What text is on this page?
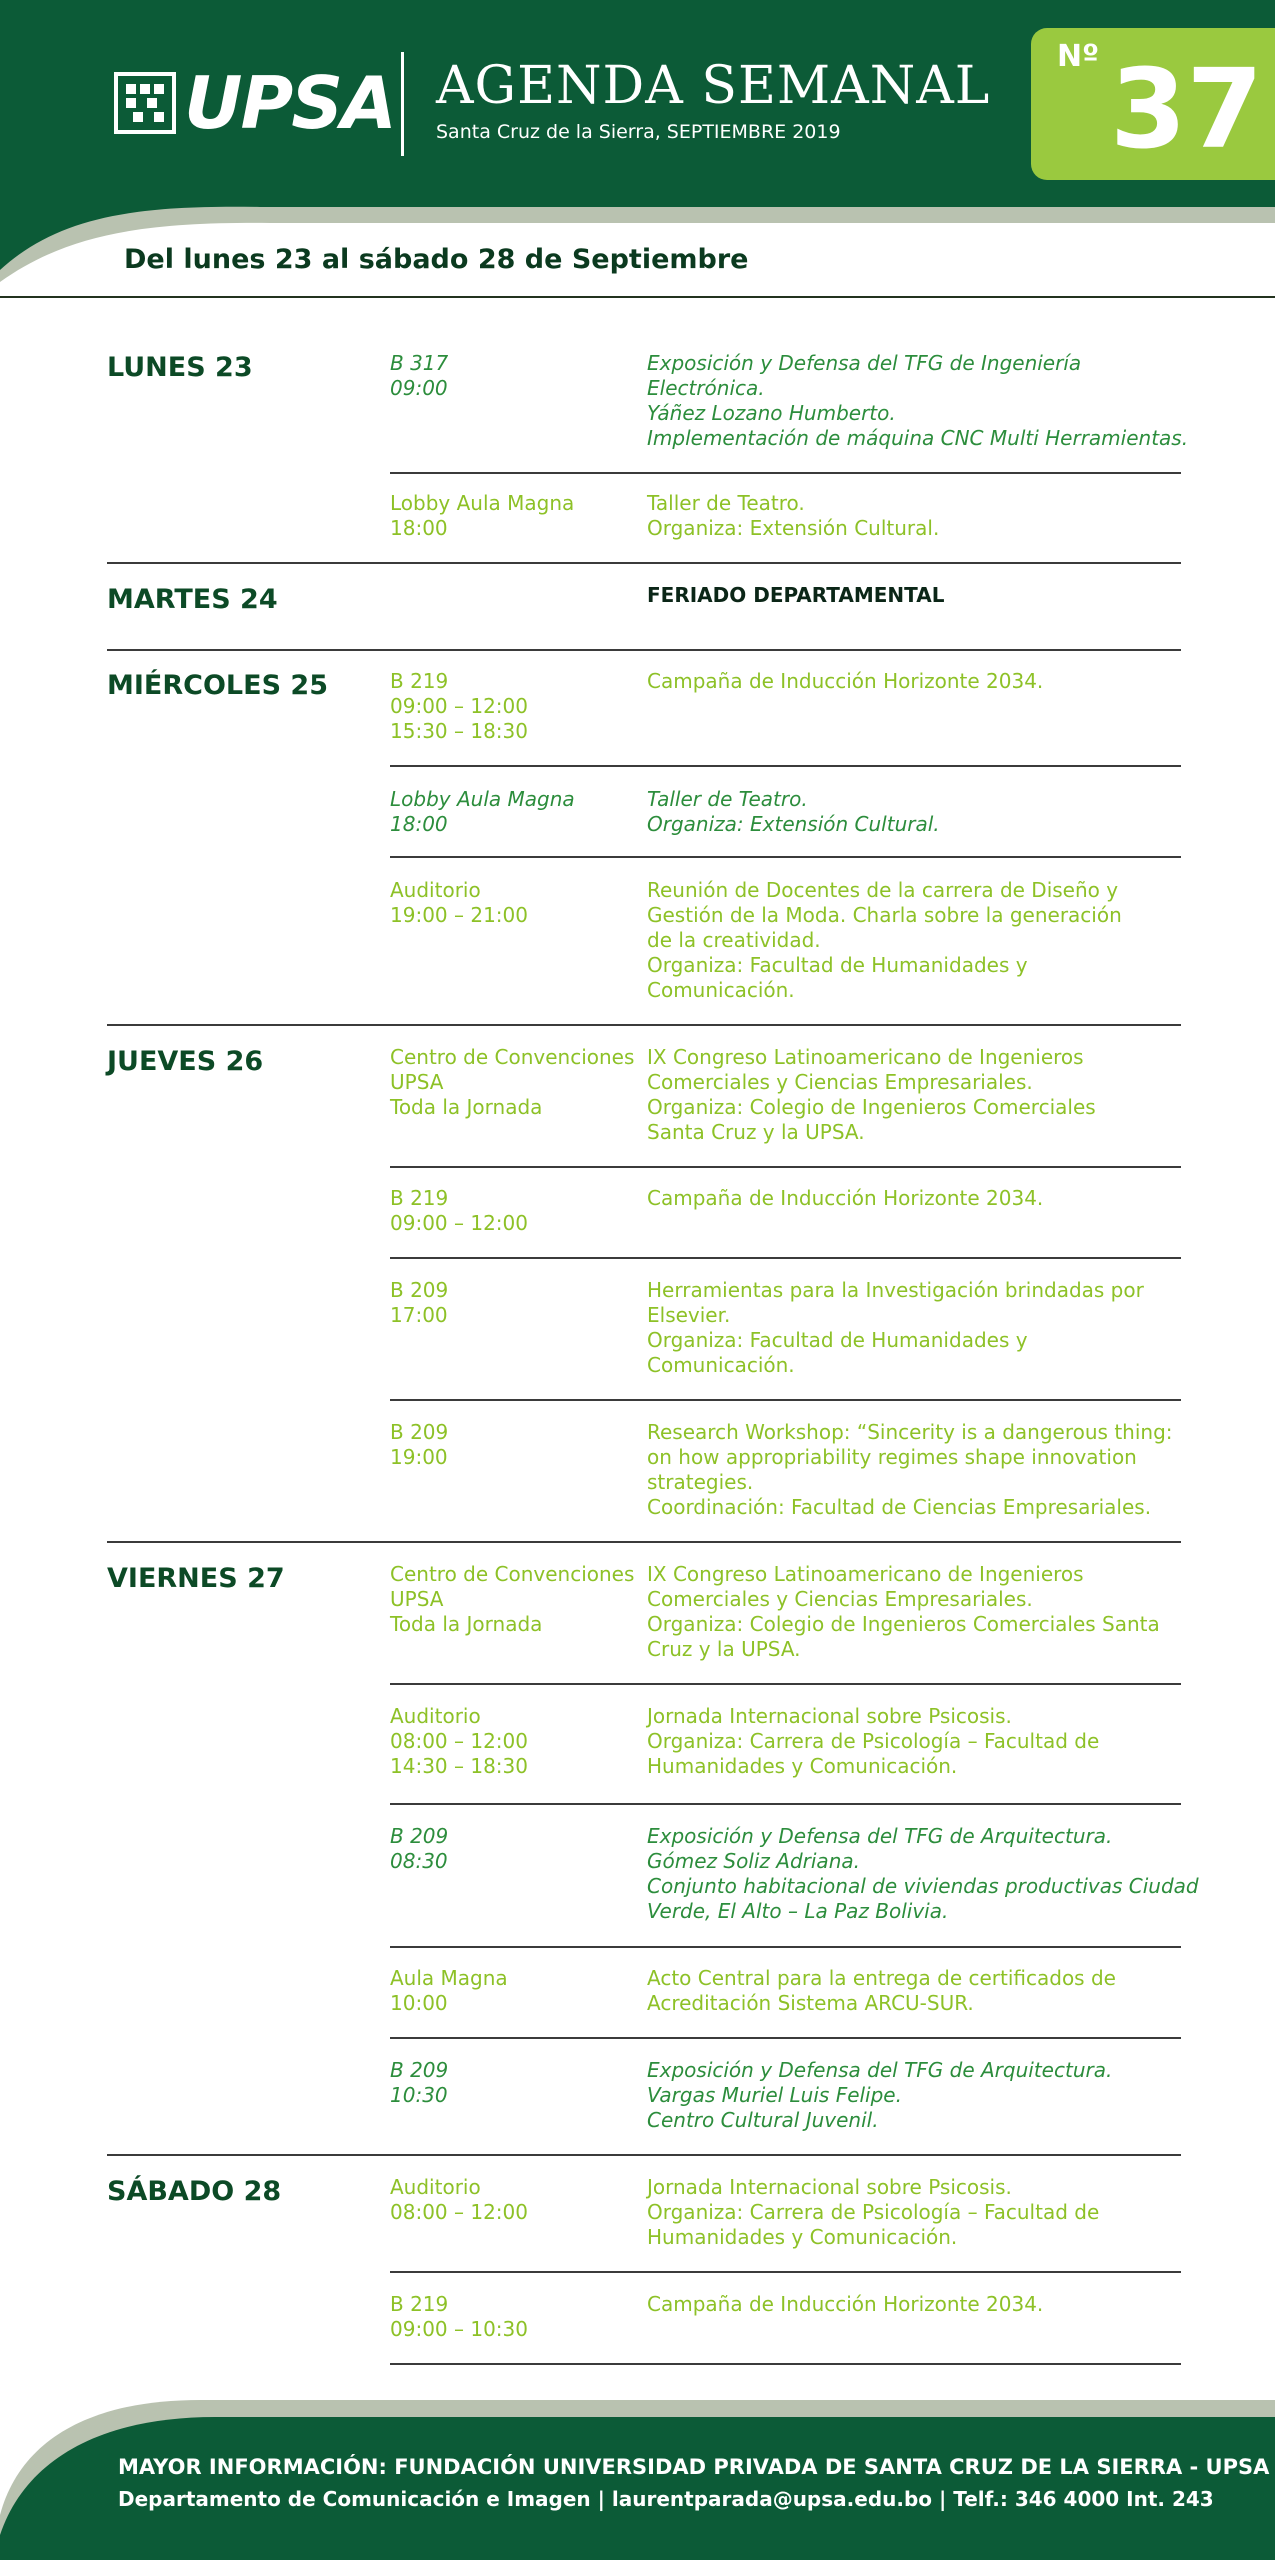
UPSA AGENDA SEMANAL
Santa Cruz de la Sierra, SEPTIEMBRE 2019
Nº 37
Del lunes 23 al sábado 28 de Septiembre
LUNES 23
MARTES 24
MIÉRCOLES 25
JUEVES 26
VIERNES 27
SÁBADO 28
B 317
09:00
Exposición y Defensa del TFG de Ingeniería
Electrónica.
Yáñez Lozano Humberto.
Implementación de máquina CNC Multi Herramientas.
Lobby Aula Magna
18:00
Taller de Teatro.
Organiza: Extensión Cultural.
FERIADO DEPARTAMENTAL
B 219
09:00 – 12:00
15:30 – 18:30
Campaña de Inducción Horizonte 2034.
Lobby Aula Magna
18:00
Taller de Teatro.
Organiza: Extensión Cultural.
Auditorio
19:00 – 21:00
Reunión de Docentes de la carrera de Diseño y
Gestión de la Moda. Charla sobre la generación
de la creatividad.
Organiza: Facultad de Humanidades y
Comunicación.
Centro de Convenciones
UPSA
Toda la Jornada
IX Congreso Latinoamericano de Ingenieros
Comerciales y Ciencias Empresariales.
Organiza: Colegio de Ingenieros Comerciales
Santa Cruz y la UPSA.
B 219
09:00 – 12:00
Campaña de Inducción Horizonte 2034.
B 209
17:00
Herramientas para la Investigación brindadas por
Elsevier.
Organiza: Facultad de Humanidades y
Comunicación.
B 209
19:00
Research Workshop: “Sincerity is a dangerous thing:
on how appropriability regimes shape innovation
strategies.
Coordinación: Facultad de Ciencias Empresariales.
Centro de Convenciones
UPSA
Toda la Jornada
IX Congreso Latinoamericano de Ingenieros
Comerciales y Ciencias Empresariales.
Organiza: Colegio de Ingenieros Comerciales Santa
Cruz y la UPSA.
Auditorio
08:00 – 12:00
14:30 – 18:30
Jornada Internacional sobre Psicosis.
Organiza: Carrera de Psicología – Facultad de
Humanidades y Comunicación.
B 209
08:30
Exposición y Defensa del TFG de Arquitectura.
Gómez Soliz Adriana.
Conjunto habitacional de viviendas productivas Ciudad
Verde, El Alto – La Paz Bolivia.
Aula Magna
10:00
Acto Central para la entrega de certificados de
Acreditación Sistema ARCU-SUR.
B 209
10:30
Exposición y Defensa del TFG de Arquitectura.
Vargas Muriel Luis Felipe.
Centro Cultural Juvenil.
Auditorio
08:00 – 12:00
Jornada Internacional sobre Psicosis.
Organiza: Carrera de Psicología – Facultad de
Humanidades y Comunicación.
B 219
09:00 – 10:30
Campaña de Inducción Horizonte 2034.
MAYOR INFORMACIÓN: FUNDACIÓN UNIVERSIDAD PRIVADA DE SANTA CRUZ DE LA SIERRA - UPSA
Departamento de Comunicación e Imagen | laurentparada@upsa.edu.bo | Telf.: 346 4000 Int. 243
